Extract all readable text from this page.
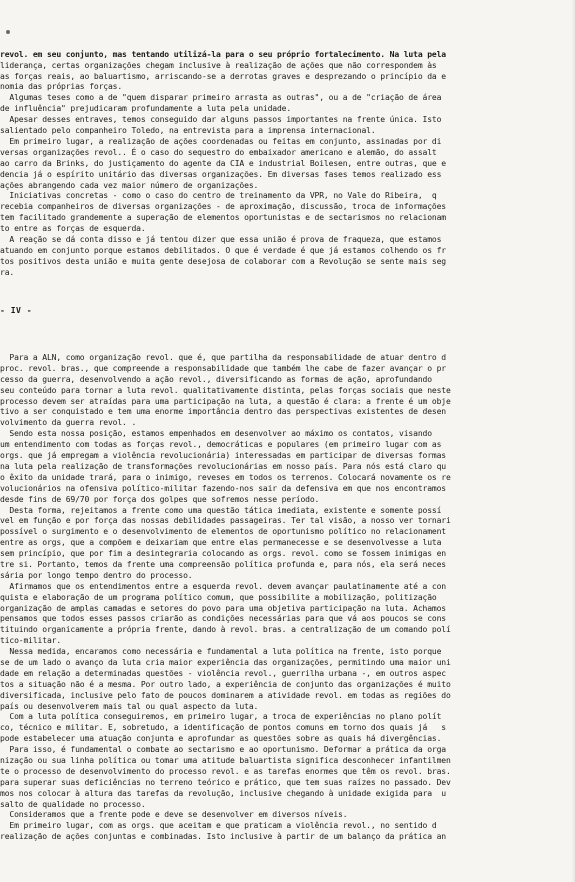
revol. em seu conjunto, mas tentando utilizá-la para o seu próprio fortalecimento. Na luta pela
liderança, certas organizações chegam inclusive à realização de ações que não correspondem às
as forças reais, ao baluartismo, arriscando-se a derrotas graves e desprezando o princípio da e
nomia das próprias forças.
Algumas teses como a de "quem disparar primeiro arrasta as outras", ou a de "criação de área
de influência" prejudicaram profundamente a luta pela unidade.
Apesar desses entraves, temos conseguido dar alguns passos importantes na frente única. Isto
salientado pelo companheiro Toledo, na entrevista para a imprensa internacional.
Em primeiro lugar, a realização de ações coordenadas ou feitas em conjunto, assinadas por di
versas organizações revol.. É o caso do sequestro do embaixador americano e alemão, do assalt
ao carro da Brinks, do justiçamento do agente da CIA e industrial Boilesen, entre outras, que e
dencia já o espírito unitário das diversas organizações. Em diversas fases temos realizado ess
ações abrangendo cada vez maior número de organizações.
Iniciativas concretas - como o caso do centro de treinamento da VPR, no Vale do Ribeira,  q
recebia companheiros de diversas organizações - de aproximação, discussão, troca de informações
tem facilitado grandemente a superação de elementos oportunistas e de sectarismos no relacionam
to entre as forças de esquerda.
A reação se dá conta disso e já tentou dizer que essa união é prova de fraqueza, que estamos
atuando em conjunto porque estamos debilitados. O que é verdade é que já estamos colhendo os fr
tos positivos desta união e muita gente desejosa de colaborar com a Revolução se sente mais seg
ra.

- IV -

Para a ALN, como organização revol. que é, que partilha da responsabilidade de atuar dentro d
proc. revol. bras., que compreende a responsabilidade que também lhe cabe de fazer avançar o pr
cesso da guerra, desenvolvendo a ação revol., diversificando as formas de ação, aprofundando
seu conteúdo para tornar a luta revol. qualitativamente distinta, pelas forças sociais que neste
processo devem ser atraídas para uma participação na luta, a questão é clara: a frente é um obje
tivo a ser conquistado e tem uma enorme importância dentro das perspectivas existentes de desen
volvimento da guerra revol. .
Sendo esta nossa posição, estamos empenhados em desenvolver ao máximo os contatos, visando
um entendimento com todas as forças revol., democráticas e populares (em primeiro lugar com as
orgs. que já empregam a violência revolucionária) interessadas em participar de diversas formas
na luta pela realização de transformações revolucionárias em nosso país. Para nós está claro qu
o êxito da unidade trará, para o inimigo, reveses em todos os terrenos. Colocará novamente os re
volucionários na ofensiva político-militar fazendo-nos sair da defensiva em que nos encontramos
desde fins de 69/70 por força dos golpes que sofremos nesse período.
Desta forma, rejeitamos a frente como uma questão tática imediata, existente e somente possí
vel em função e por força das nossas debilidades passageiras. Ter tal visão, a nosso ver tornari
possível o surgimento e o desenvolvimento de elementos de oportunismo político no relacionament
entre as orgs, que a compõem e deixariam que entre elas permanecesse e se desenvolvesse a luta
sem princípio, que por fim a desintegraria colocando as orgs. revol. como se fossem inimigas en
tre si. Portanto, temos da frente uma compreensão política profunda e, para nós, ela será neces
sária por longo tempo dentro do processo.
Afirmamos que os entendimentos entre a esquerda revol. devem avançar paulatinamente até a con
quista e elaboração de um programa político comum, que possibilite a mobilização, politização
organização de amplas camadas e setores do povo para uma objetiva participação na luta. Achamos
pensamos que todos esses passos criarão as condições necessárias para que vá aos poucos se cons
tituindo organicamente a própria frente, dando à revol. bras. a centralização de um comando polí
tico-militar.
Nessa medida, encaramos como necessária e fundamental a luta política na frente, isto porque
se de um lado o avanço da luta cria maior experiência das organizações, permitindo uma maior uni
dade em relação a determinadas questões - violência revol., guerrilha urbana -, em outros aspec
tos a situação não é a mesma. Por outro lado, a experiência de conjunto das organizações é muito
diversificada, inclusive pelo fato de poucos dominarem a atividade revol. em todas as regiões do
país ou desenvolverem mais tal ou qual aspecto da luta.
Com a luta política conseguiremos, em primeiro lugar, a troca de experiências no plano polít
co, técnico e militar. E, sobretudo, a identificação de pontos comuns em torno dos quais já   s
pode estabelecer uma atuação conjunta e aprofundar as questões sobre as quais há divergências.
Para isso, é fundamental o combate ao sectarismo e ao oportunismo. Deformar a prática da orga
nização ou sua linha política ou tomar uma atitude baluartista significa desconhecer infantilmen
te o processo de desenvolvimento do processo revol. e as tarefas enormes que têm os revol. bras.
para superar suas deficiências no terreno teórico e prático, que tem suas raízes no passado. Dev
mos nos colocar à altura das tarefas da revolução, inclusive chegando à unidade exigida para  u
salto de qualidade no processo.
Consideramos que a frente pode e deve se desenvolver em diversos níveis.
Em primeiro lugar, com as orgs. que aceitam e que praticam a violência revol., no sentido d
realização de ações conjuntas e combinadas. Isto inclusive à partir de um balanço da prática an
